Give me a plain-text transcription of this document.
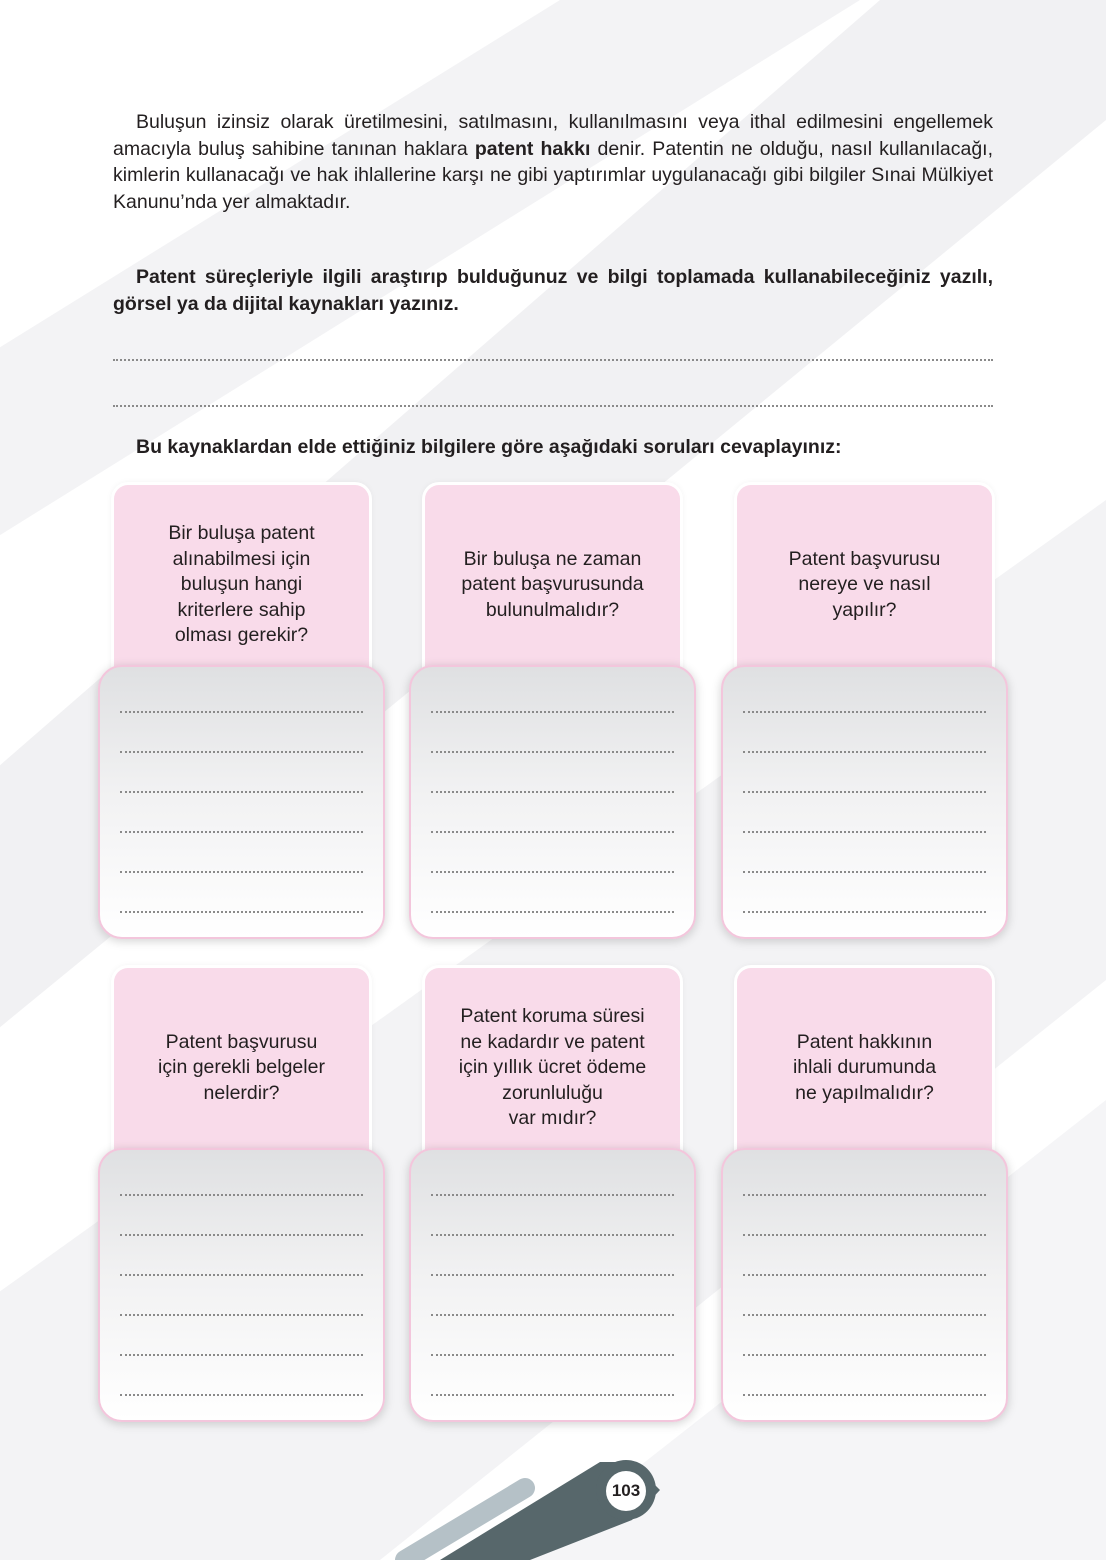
Buluşun izinsiz olarak üretilmesini, satılmasını, kullanılmasını veya ithal edilmesini engellemek amacıyla buluş sahibine tanınan haklara patent hakkı denir. Patentin ne olduğu, nasıl kullanılacağı, kimlerin kullanacağı ve hak ihlallerine karşı ne gibi yaptırımlar uygulanacağı gibi bilgiler Sınai Mülkiyet Kanunu’nda yer almaktadır.

Patent süreçleriyle ilgili araştırıp bulduğunuz ve bilgi toplamada kullanabileceğiniz yazılı, görsel ya da dijital kaynakları yazınız.

Bu kaynaklardan elde ettiğiniz bilgilere göre aşağıdaki soruları cevaplayınız:

Bir buluşa patent
alınabilmesi için
buluşun hangi
kriterlere sahip
olması gerekir?
Bir buluşa ne zaman
patent başvurusunda
bulunulmalıdır?
Patent başvurusu
nereye ve nasıl
yapılır?
Patent başvurusu
için gerekli belgeler
nelerdir?
Patent koruma süresi
ne kadardır ve patent
için yıllık ücret ödeme
zorunluluğu
var mıdır?
Patent hakkının
ihlali durumunda
ne yapılmalıdır?
103
